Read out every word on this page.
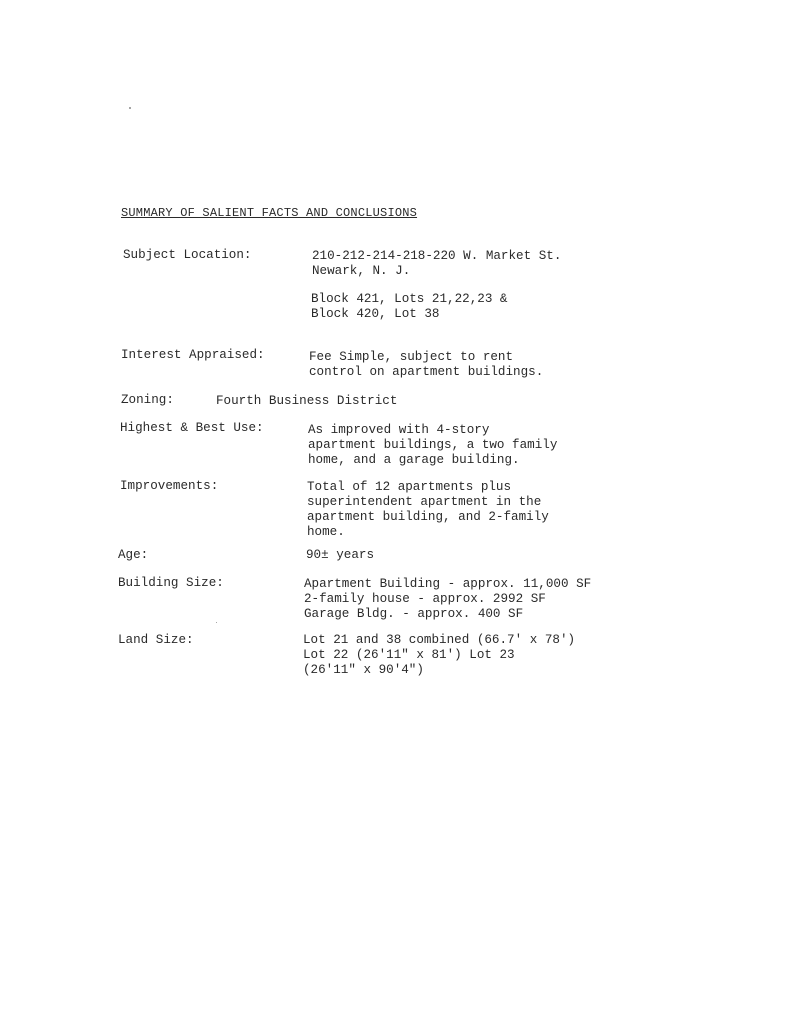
SUMMARY OF SALIENT FACTS AND CONCLUSIONS
Subject Location:	210-212-214-218-220 W. Market St.
Newark, N. J.
Block 421, Lots 21,22,23 &
Block 420, Lot 38
Interest Appraised:	Fee Simple, subject to rent
control on apartment buildings.
Zoning:	Fourth Business District
Highest & Best Use:	As improved with 4-story
apartment buildings, a two family
home, and a garage building.
Improvements:	Total of 12 apartments plus
superintendent apartment in the
apartment building, and 2-family
home.
Age:	90± years
Building Size:	Apartment Building - approx. 11,000 SF
2-family house - approx. 2992 SF
Garage Bldg. - approx. 400 SF
Land Size:	Lot 21 and 38 combined (66.7' x 78')
Lot 22 (26'11" x 81') Lot 23
(26'11" x 90'4")
